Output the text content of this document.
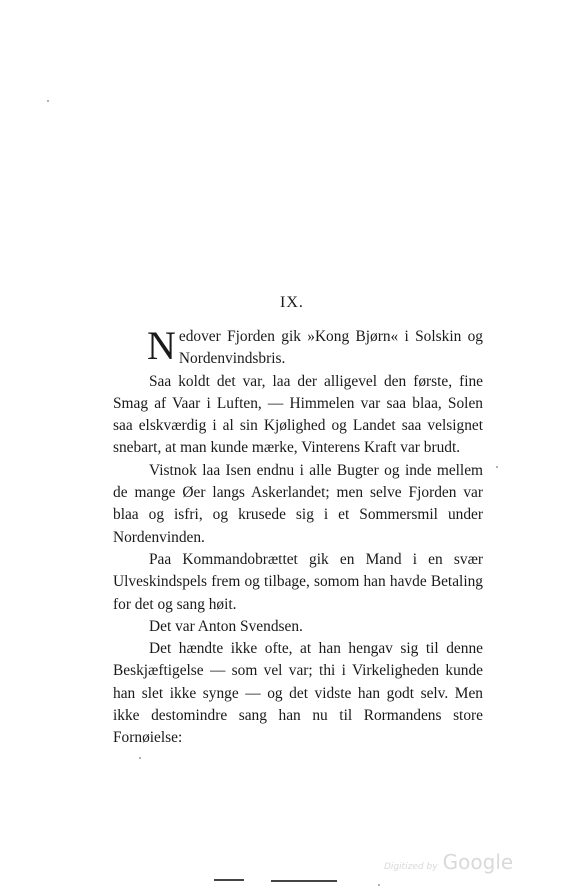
IX.

Nedover Fjorden gik »Kong Bjørn« i Solskin og Nordenvindsbris.

Saa koldt det var, laa der alligevel den første, fine Smag af Vaar i Luften, — Himmelen var saa blaa, Solen saa elskværdig i al sin Kjølighed og Landet saa velsignet snebart, at man kunde mærke, Vinterens Kraft var brudt.

Vistnok laa Isen endnu i alle Bugter og inde mellem de mange Øer langs Askerlandet; men selve Fjorden var blaa og isfri, og krusede sig i et Sommersmil under Nordenvinden.

Paa Kommandobrættet gik en Mand i en svær Ulveskindspels frem og tilbage, somom han havde Betaling for det og sang høit.

Det var Anton Svendsen.

Det hændte ikke ofte, at han hengav sig til denne Beskjæftigelse — som vel var; thi i Virkeligheden kunde han slet ikke synge — og det vidste han godt selv. Men ikke destomindre sang han nu til Rormandens store Fornøielse:

Digitized by Google
